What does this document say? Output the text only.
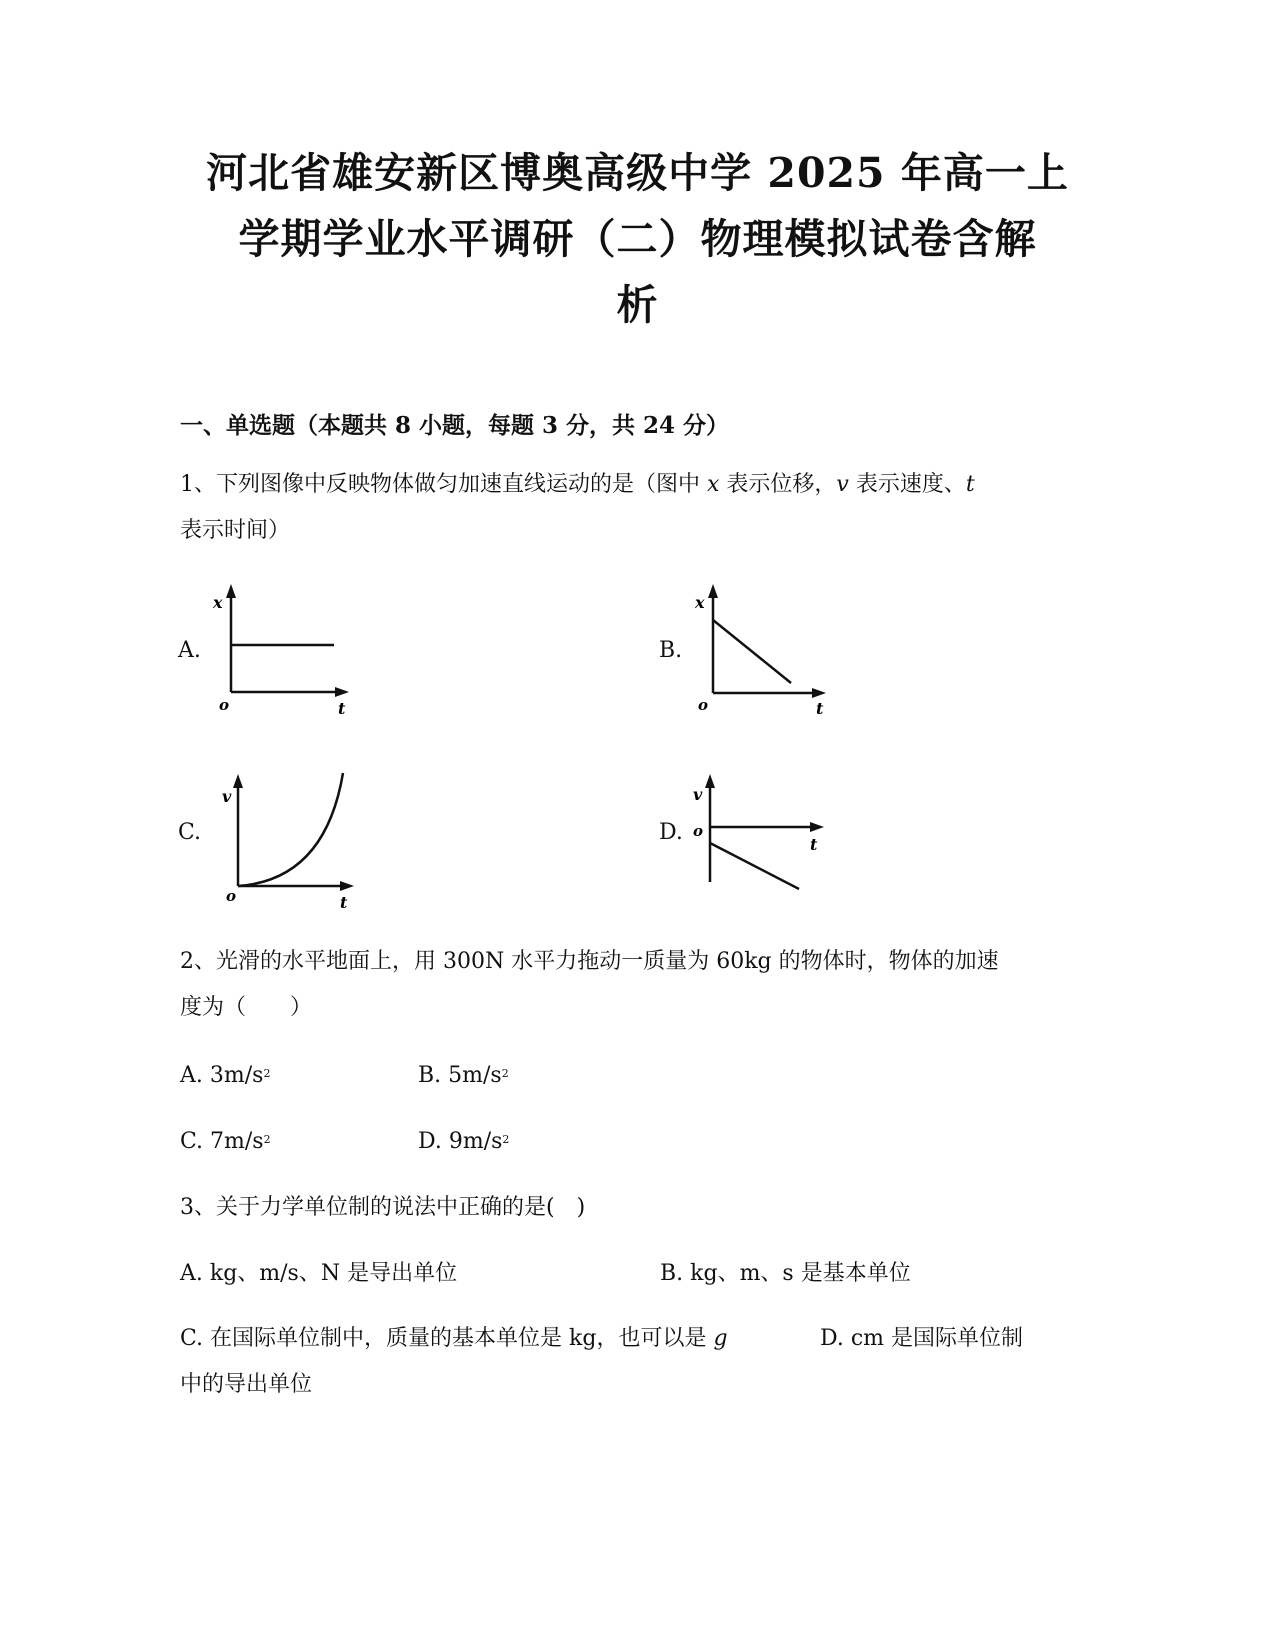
河北省雄安新区博奥高级中学 2025 年高一上
学期学业水平调研（二）物理模拟试卷含解
析
一、单选题（本题共 8 小题，每题 3 分，共 24 分）
1、下列图像中反映物体做匀加速直线运动的是（图中 x 表示位移，v 表示速度、t
表示时间）
A.
x
o	t
B.
x
o	t
C.
v
o	t
D.
v
o
t
2、光滑的水平地面上，用 300N 水平力拖动一质量为 60kg 的物体时，物体的加速
度为（　　）
A. $3m/s^2$	B. $5m/s^2$
C. $7m/s^2$	D. $9m/s^2$
3、关于力学单位制的说法中正确的是(　)
A. kg、m/s、N 是导出单位	B. kg、m、s 是基本单位
C. 在国际单位制中，质量的基本单位是 kg，也可以是 g	D. cm 是国际单位制
中的导出单位
